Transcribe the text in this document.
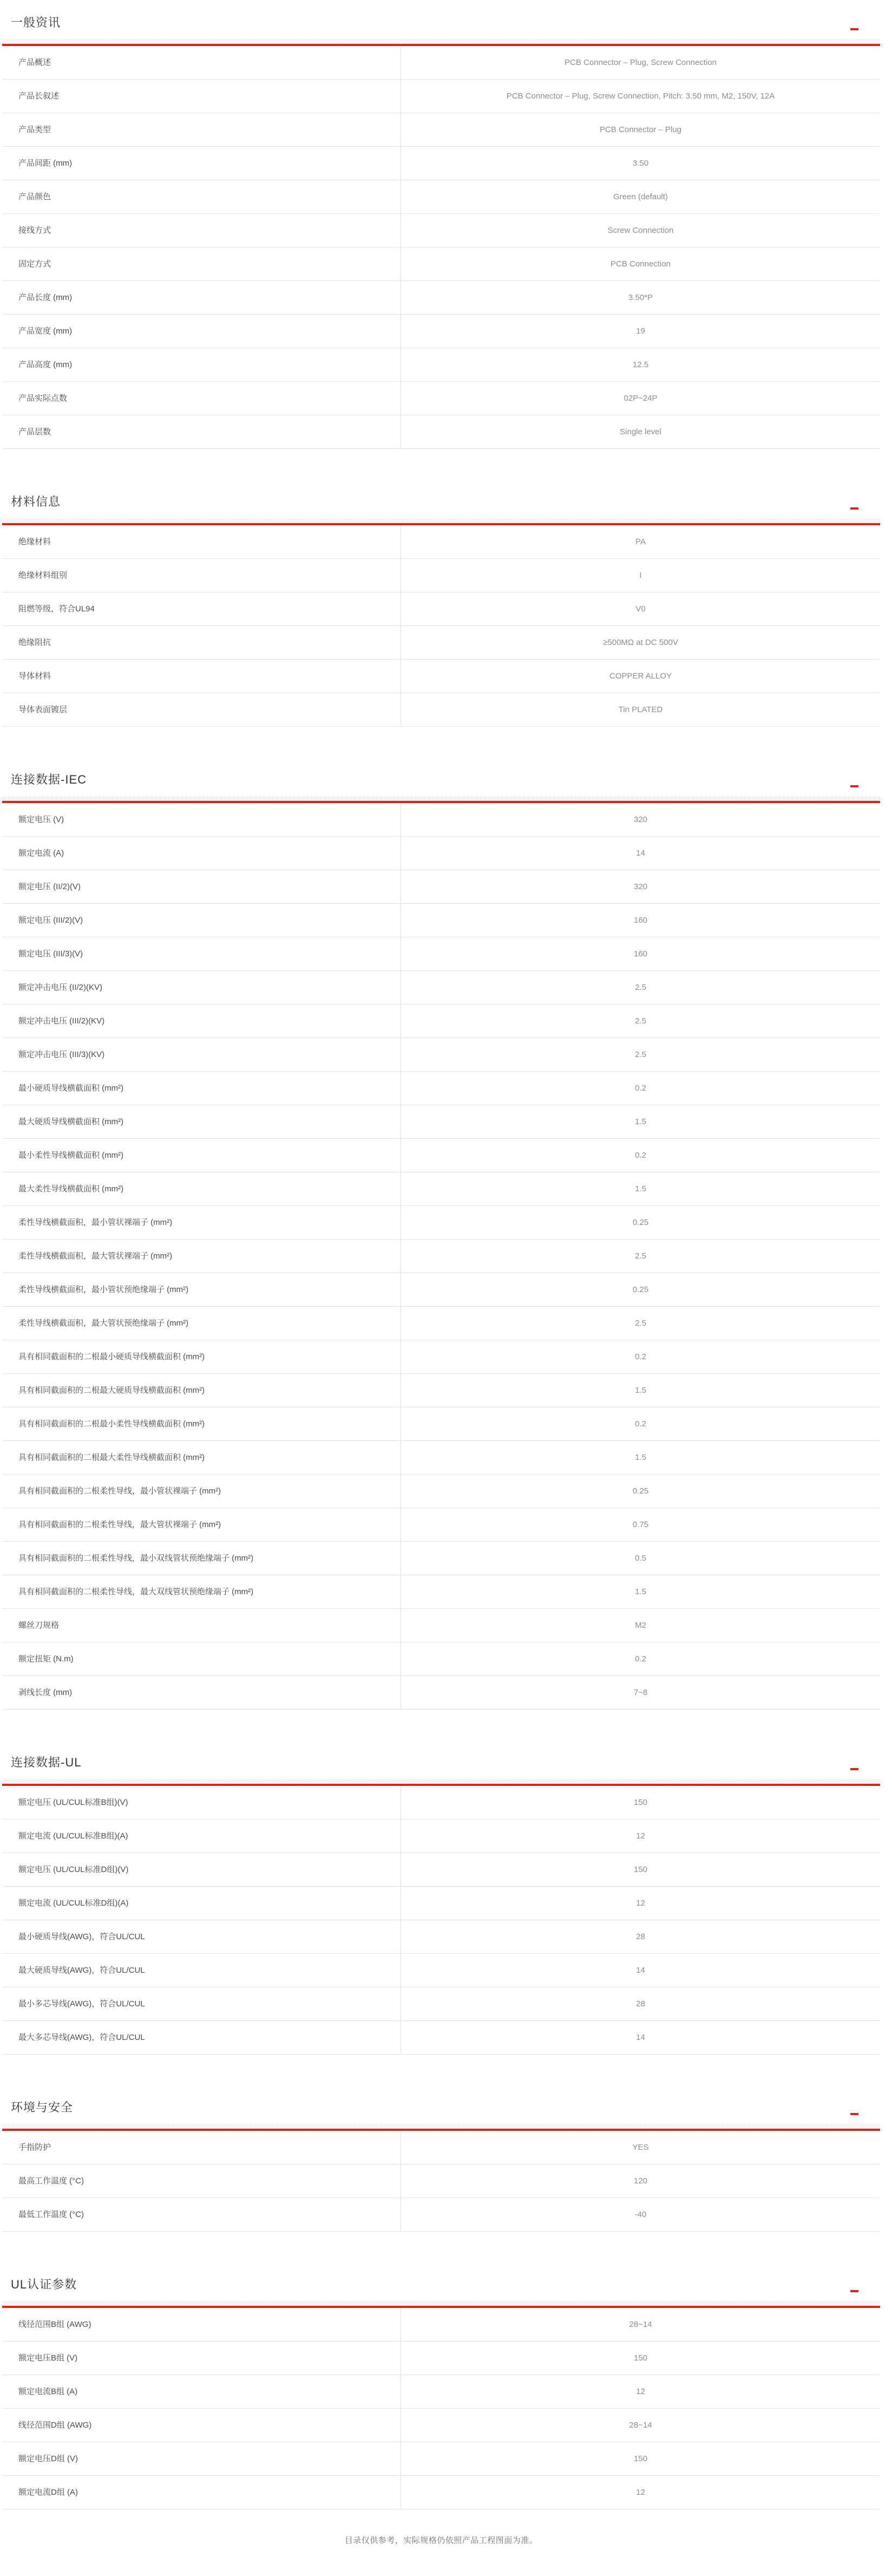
一般资讯
产品概述	PCB Connector – Plug, Screw Connection
产品长叙述	PCB Connector – Plug, Screw Connection, Pitch: 3.50 mm, M2, 150V, 12A
产品类型	PCB Connector – Plug
产品间距 (mm)	3.50
产品颜色	Green (default)
接线方式	Screw Connection
固定方式	PCB Connection
产品长度 (mm)	3.50*P
产品宽度 (mm)	19
产品高度 (mm)	12.5
产品实际点数	02P~24P
产品层数	Single level
材料信息
绝缘材料	PA
绝缘材料组别	I
阻燃等级，符合UL94	V0
绝缘阻抗	≥500MΩ at DC 500V
导体材料	COPPER ALLOY
导体表面镀层	Tin PLATED
连接数据-IEC
额定电压 (V)	320
额定电流 (A)	14
额定电压 (II/2)(V)	320
额定电压 (III/2)(V)	160
额定电压 (III/3)(V)	160
额定冲击电压 (II/2)(KV)	2.5
额定冲击电压 (III/2)(KV)	2.5
额定冲击电压 (III/3)(KV)	2.5
最小硬质导线横截面积 (mm²)	0.2
最大硬质导线横截面积 (mm²)	1.5
最小柔性导线横截面积 (mm²)	0.2
最大柔性导线横截面积 (mm²)	1.5
柔性导线横截面积，最小管状裸端子 (mm²)	0.25
柔性导线横截面积，最大管状裸端子 (mm²)	2.5
柔性导线横截面积，最小管状预绝缘端子 (mm²)	0.25
柔性导线横截面积，最大管状预绝缘端子 (mm²)	2.5
具有相同截面积的二根最小硬质导线横截面积 (mm²)	0.2
具有相同截面积的二根最大硬质导线横截面积 (mm²)	1.5
具有相同截面积的二根最小柔性导线横截面积 (mm²)	0.2
具有相同截面积的二根最大柔性导线横截面积 (mm²)	1.5
具有相同截面积的二根柔性导线，最小管状裸端子 (mm²)	0.25
具有相同截面积的二根柔性导线，最大管状裸端子 (mm²)	0.75
具有相同截面积的二根柔性导线，最小双线管状预绝缘端子 (mm²)	0.5
具有相同截面积的二根柔性导线，最大双线管状预绝缘端子 (mm²)	1.5
螺丝刀规格	M2
额定扭矩 (N.m)	0.2
剥线长度 (mm)	7~8
连接数据-UL
额定电压 (UL/CUL标准B组)(V)	150
额定电流 (UL/CUL标准B组)(A)	12
额定电压 (UL/CUL标准D组)(V)	150
额定电流 (UL/CUL标准D组)(A)	12
最小硬质导线(AWG)，符合UL/CUL	28
最大硬质导线(AWG)，符合UL/CUL	14
最小多芯导线(AWG)，符合UL/CUL	28
最大多芯导线(AWG)，符合UL/CUL	14
环境与安全
手指防护	YES
最高工作温度 (°C)	120
最低工作温度 (°C)	-40
UL认证参数
线径范围B组 (AWG)	28~14
额定电压B组 (V)	150
额定电流B组 (A)	12
线径范围D组 (AWG)	28~14
额定电压D组 (V)	150
额定电流D组 (A)	12

目录仅供参考，实际规格仍依照产品工程图面为准。
